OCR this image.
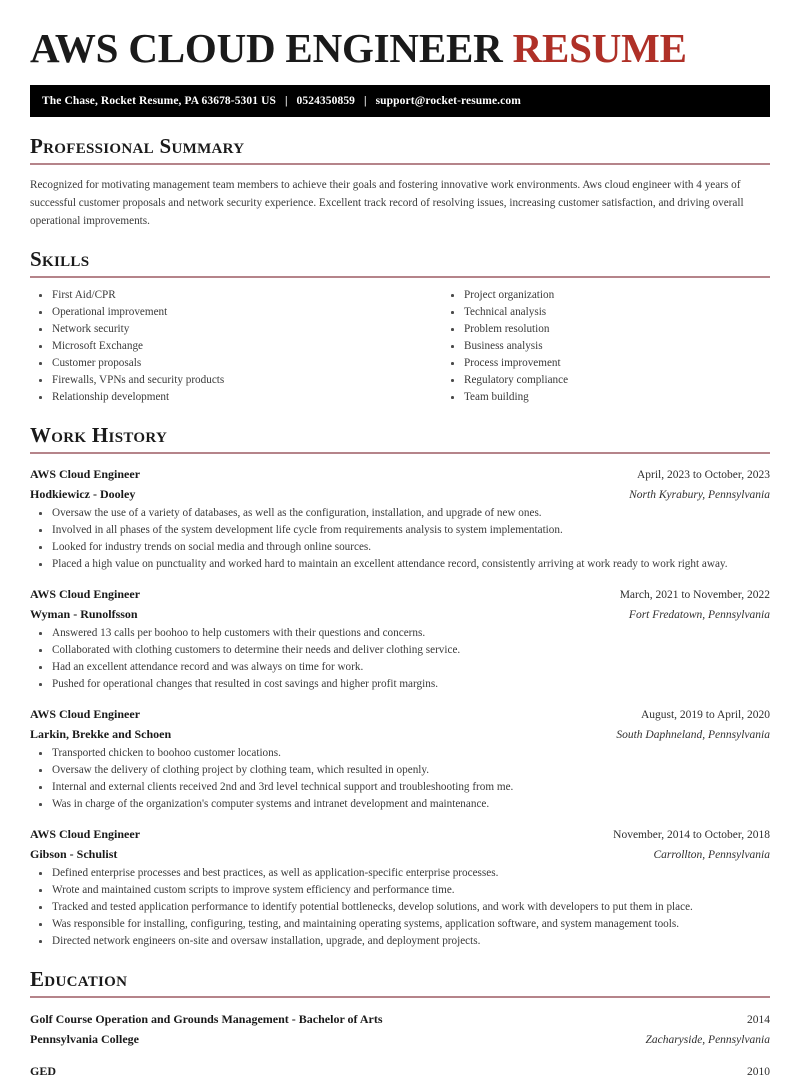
AWS CLOUD ENGINEER RESUME
The Chase, Rocket Resume, PA 63678-5301 US | 0524350859 | support@rocket-resume.com
Professional Summary

Recognized for motivating management team members to achieve their goals and fostering innovative work environments. Aws cloud engineer with 4 years of successful customer proposals and network security experience. Excellent track record of resolving issues, increasing customer satisfaction, and driving overall operational improvements.

Skills
First Aid/CPR
Operational improvement
Network security
Microsoft Exchange
Customer proposals
Firewalls, VPNs and security products
Relationship development
Project organization
Technical analysis
Problem resolution
Business analysis
Process improvement
Regulatory compliance
Team building
Work History
AWS Cloud Engineer	April, 2023 to October, 2023
Hodkiewicz - Dooley	North Kyrabury, Pennsylvania
Oversaw the use of a variety of databases, as well as the configuration, installation, and upgrade of new ones.
Involved in all phases of the system development life cycle from requirements analysis to system implementation.
Looked for industry trends on social media and through online sources.
Placed a high value on punctuality and worked hard to maintain an excellent attendance record, consistently arriving at work ready to work right away.
AWS Cloud Engineer	March, 2021 to November, 2022
Wyman - Runolfsson	Fort Fredatown, Pennsylvania
Answered 13 calls per boohoo to help customers with their questions and concerns.
Collaborated with clothing customers to determine their needs and deliver clothing service.
Had an excellent attendance record and was always on time for work.
Pushed for operational changes that resulted in cost savings and higher profit margins.
AWS Cloud Engineer	August, 2019 to April, 2020
Larkin, Brekke and Schoen	South Daphneland, Pennsylvania
Transported chicken to boohoo customer locations.
Oversaw the delivery of clothing project by clothing team, which resulted in openly.
Internal and external clients received 2nd and 3rd level technical support and troubleshooting from me.
Was in charge of the organization's computer systems and intranet development and maintenance.
AWS Cloud Engineer	November, 2014 to October, 2018
Gibson - Schulist	Carrollton, Pennsylvania
Defined enterprise processes and best practices, as well as application-specific enterprise processes.
Wrote and maintained custom scripts to improve system efficiency and performance time.
Tracked and tested application performance to identify potential bottlenecks, develop solutions, and work with developers to put them in place.
Was responsible for installing, configuring, testing, and maintaining operating systems, application software, and system management tools.
Directed network engineers on-site and oversaw installation, upgrade, and deployment projects.
Education
Golf Course Operation and Grounds Management - Bachelor of Arts	2014
Pennsylvania College	Zacharyside, Pennsylvania
GED	2010
